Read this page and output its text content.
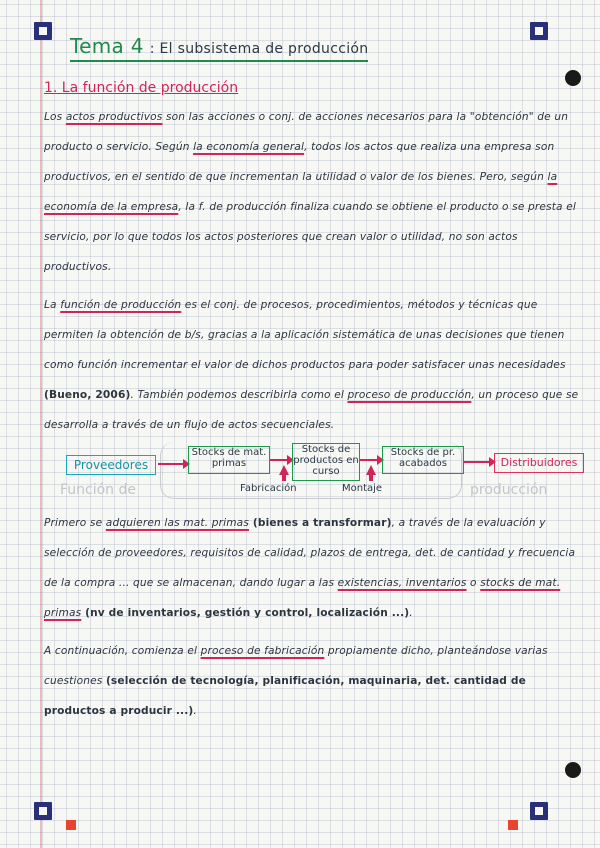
Tema 4 : El subsistema de producción
1. La función de producción
Los actos productivos son las acciones o conj. de acciones necesarios para la "obtención" de un producto o servicio. Según la economía general, todos los actos que realiza una empresa son productivos, en el sentido de que incrementan la utilidad o valor de los bienes. Pero, según la economía de la empresa, la f. de producción finaliza cuando se obtiene el producto o se presta el servicio, por lo que todos los actos posteriores que crean valor o utilidad, no son actos productivos.
La función de producción es el conj. de procesos, procedimientos, métodos y técnicas que permiten la obtención de b/s, gracias a la aplicación sistemática de unas decisiones que tienen como función incrementar el valor de dichos productos para poder satisfacer unas necesidades (Bueno, 2006). También podemos describirla como el proceso de producción, un proceso que se desarrolla a través de un flujo de actos secuenciales.
Proveedores
Stocks de mat. primas
Stocks de productos en curso
Stocks de pr. acabados	Distribuidores
Fabricación	Montaje
Función de	producción
Primero se adquieren las mat. primas (bienes a transformar), a través de la evaluación y selección de proveedores, requisitos de calidad, plazos de entrega, det. de cantidad y frecuencia de la compra ... que se almacenan, dando lugar a las existencias, inventarios o stocks de mat. primas (nv de inventarios, gestión y control, localización ...).
A continuación, comienza el proceso de fabricación propiamente dicho, planteándose varias cuestiones (selección de tecnología, planificación, maquinaria, det. cantidad de productos a producir ...).
